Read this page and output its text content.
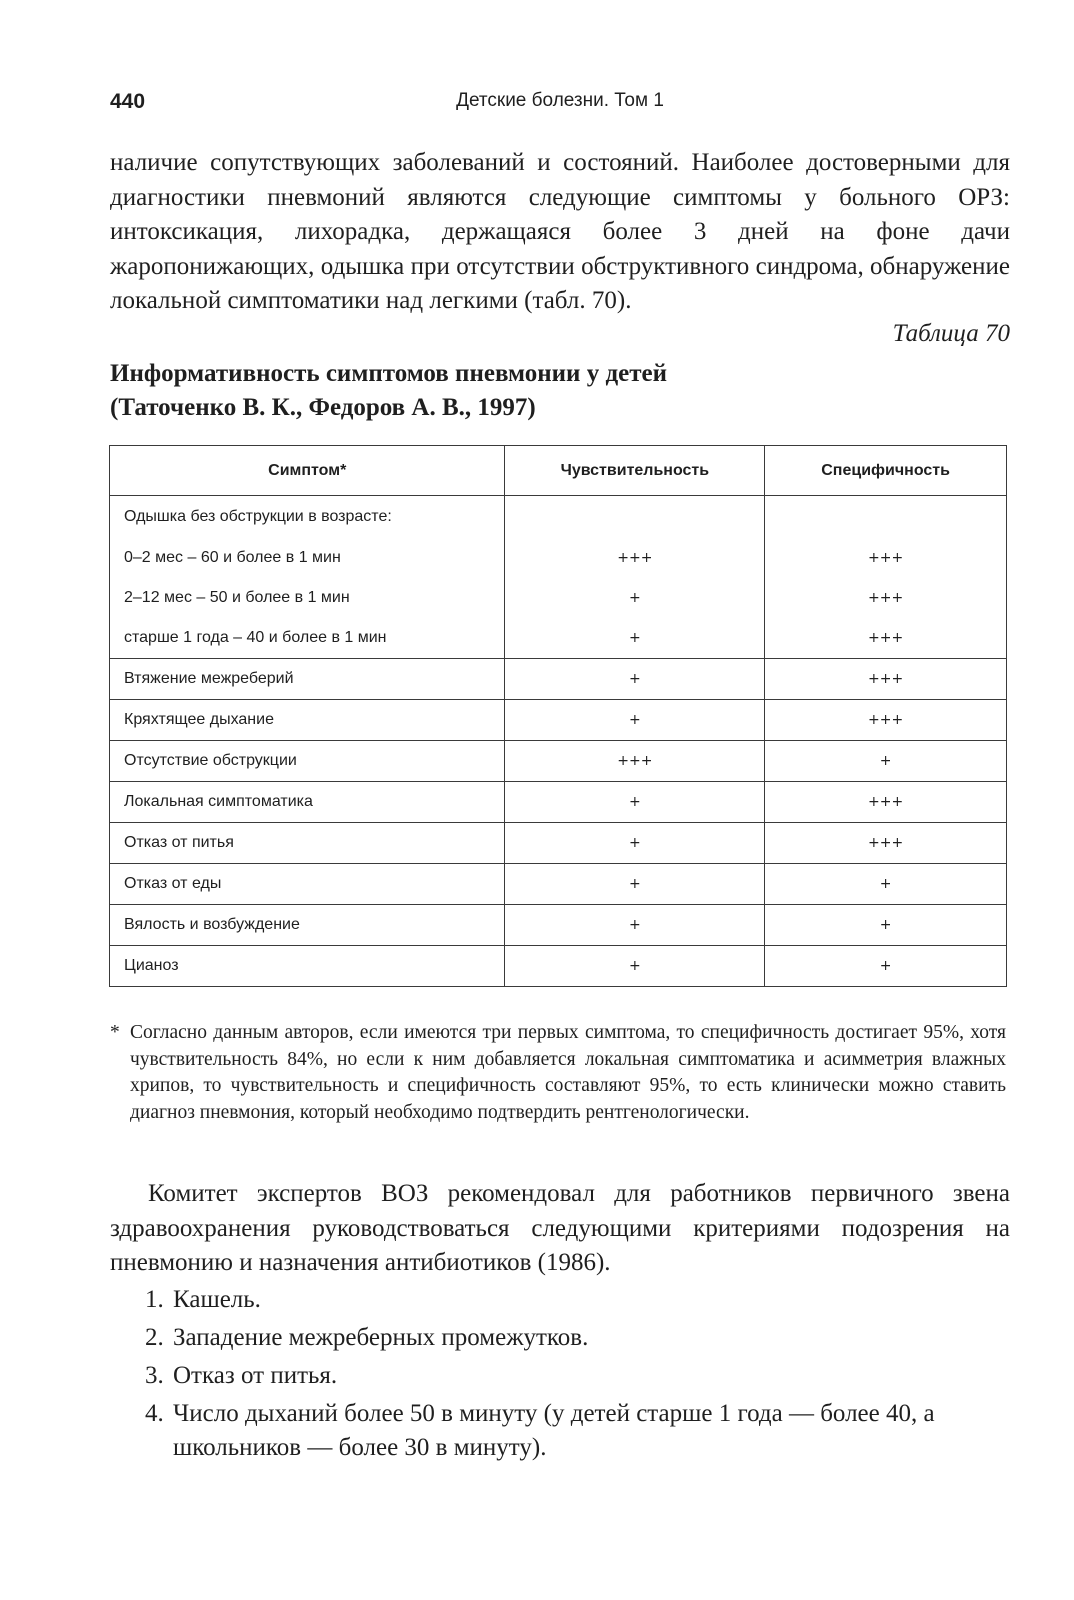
440	Детские болезни. Том 1

наличие сопутствующих заболеваний и состояний. Наиболее достоверными для диагностики пневмоний являются следующие симптомы у больного ОРЗ: интоксикация, лихорадка, держащаяся более 3 дней на фоне дачи жаропонижающих, одышка при отсутствии обструктивного синдрома, обнаружение локальной симптоматики над легкими (табл. 70).

Таблица 70
Информативность симптомов пневмонии у детей
(Таточенко В. К., Федоров А. В., 1997)
Симптом*	Чувствительность	Специфичность
Одышка без обструкции в возрасте:		
0–2 мес – 60 и более в 1 мин	+++	+++
2–12 мес – 50 и более в 1 мин	+	+++
старше 1 года – 40 и более в 1 мин	+	+++
Втяжение межреберий	+	+++
Кряхтящее дыхание	+	+++
Отсутствие обструкции	+++	+
Локальная симптоматика	+	+++
Отказ от питья	+	+++
Отказ от еды	+	+
Вялость и возбуждение	+	+
Цианоз	+	+
* Согласно данным авторов, если имеются три первых симптома, то специфичность достигает 95%, хотя чувствительность 84%, но если к ним добавляется локальная симптоматика и асимметрия влажных хрипов, то чувствительность и специфичность составляют 95%, то есть клинически можно ставить диагноз пневмония, который необходимо подтвердить рентгенологически.

Комитет экспертов ВОЗ рекомендовал для работников первичного звена здравоохранения руководствоваться следующими критериями подозрения на пневмонию и назначения антибиотиков (1986).

1. Кашель.
2. Западение межреберных промежутков.
3. Отказ от питья.
4. Число дыханий более 50 в минуту (у детей старше 1 года — более 40, а школьников — более 30 в минуту).
